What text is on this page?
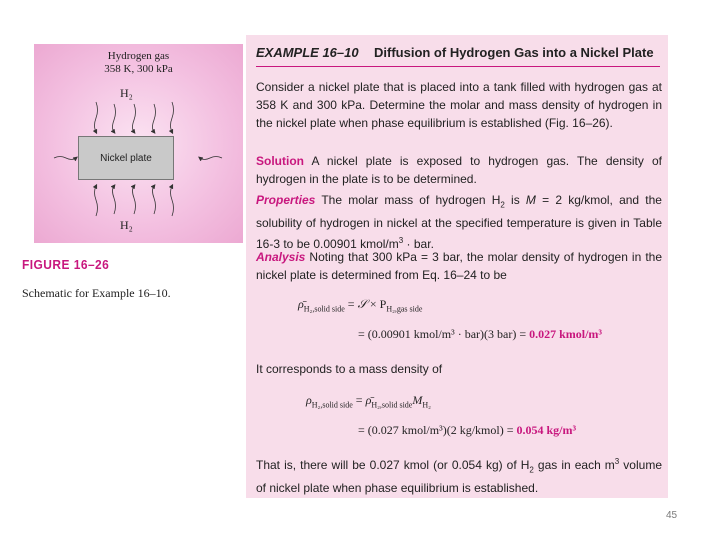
Hydrogen gas
358 K, 300 kPa
H₂
H₂
Nickel plate
FIGURE 16–26
Schematic for Example 16–10.
EXAMPLE 16–10 Diffusion of Hydrogen Gas into a Nickel Plate
Consider a nickel plate that is placed into a tank filled with hydrogen gas at 358 K and 300 kPa. Determine the molar and mass density of hydrogen in the nickel plate when phase equilibrium is established (Fig. 16–26).
Solution A nickel plate is exposed to hydrogen gas. The density of hydrogen in the plate is to be determined.
Properties The molar mass of hydrogen $H_2$ is M = 2 kg/kmol, and the solubility of hydrogen in nickel at the specified temperature is given in Table 16-3 to be 0.00901 kmol/$m^3$ · bar.
Analysis Noting that 300 kPa = 3 bar, the molar density of hydrogen in the nickel plate is determined from Eq. 16–24 to be
$\rhō_{H_2,solid side}$ = 𝒮 × $P_{H_2,gas side}$
= (0.00901 kmol/m³ · bar)(3 bar) = 0.027 kmol/m³
It corresponds to a mass density of
$\rho_{H_2,solid side}$ = $\rhō_{H_2,solid side}M_{H_2}$
= (0.027 kmol/m³)(2 kg/kmol) = 0.054 kg/m³
That is, there will be 0.027 kmol (or 0.054 kg) of $H_2$ gas in each $m^3$ volume of nickel plate when phase equilibrium is established.
45
